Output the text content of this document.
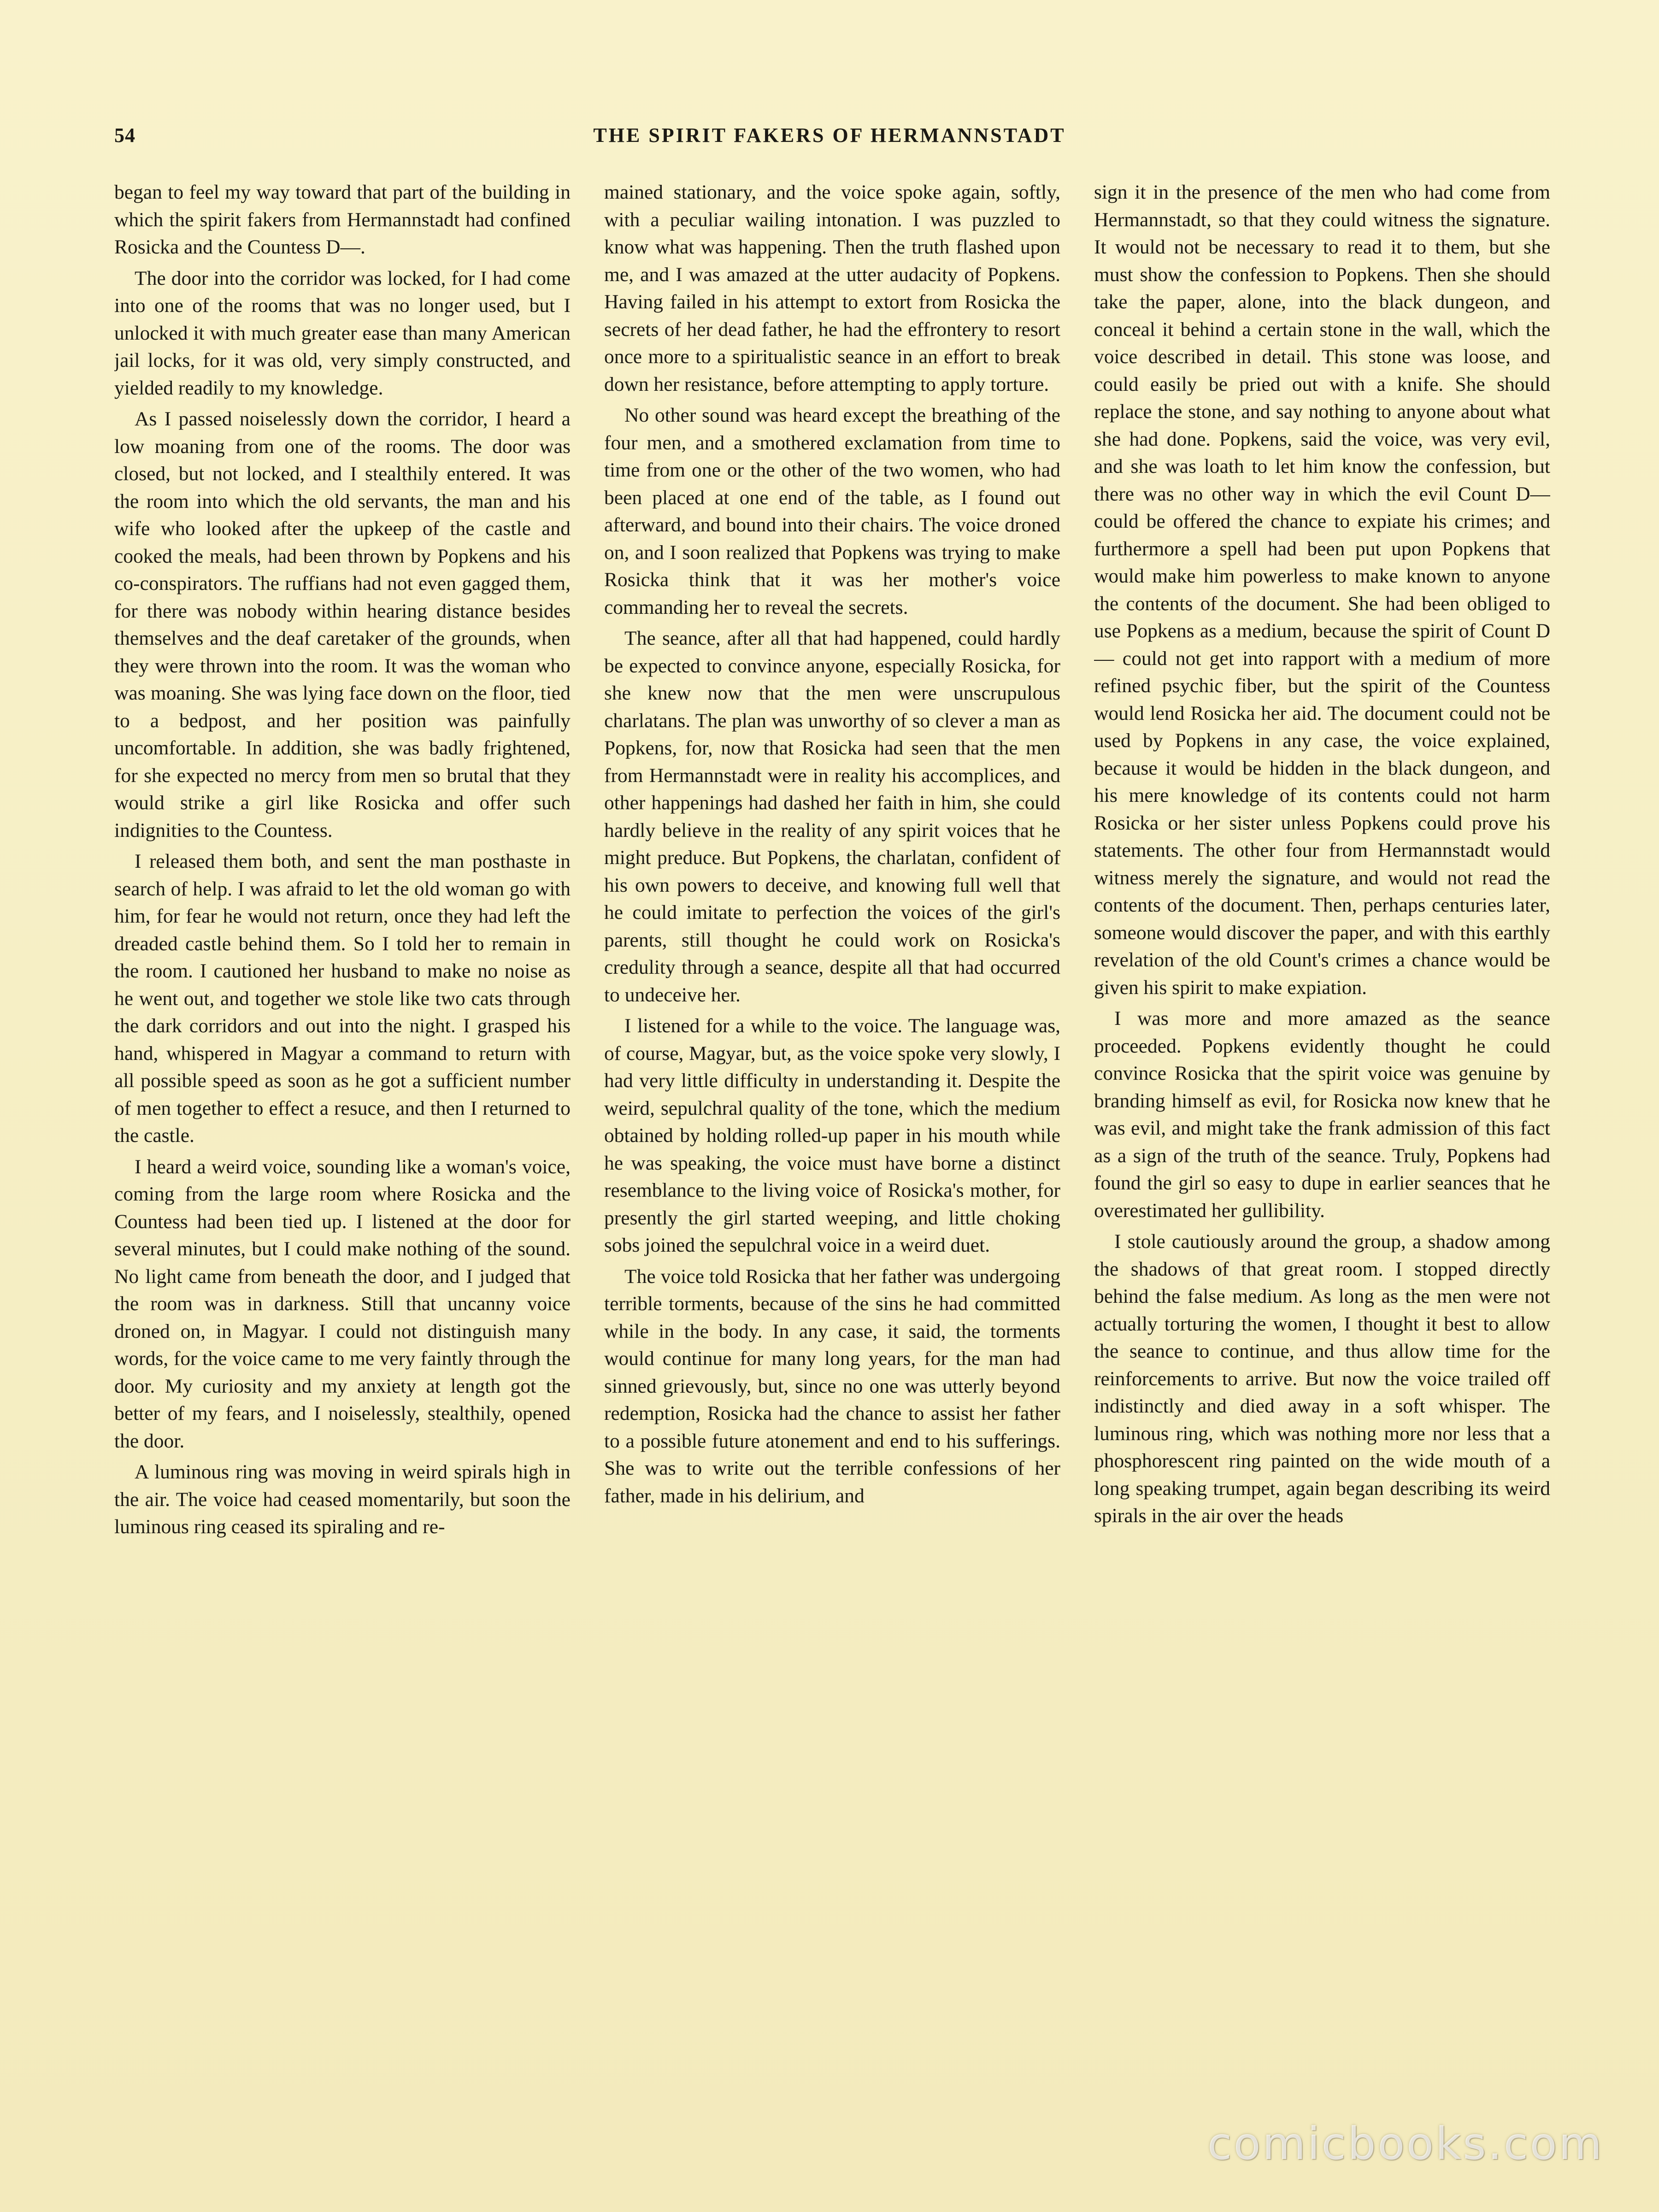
54	THE SPIRIT FAKERS OF HERMANNSTADT

began to feel my way toward that part of the building in which the spirit fakers from Hermannstadt had confined Rosicka and the Countess D—.

The door into the corridor was locked, for I had come into one of the rooms that was no longer used, but I unlocked it with much greater ease than many American jail locks, for it was old, very simply constructed, and yielded readily to my knowledge.

As I passed noiselessly down the corridor, I heard a low moaning from one of the rooms. The door was closed, but not locked, and I stealthily entered. It was the room into which the old servants, the man and his wife who looked after the upkeep of the castle and cooked the meals, had been thrown by Popkens and his co-conspirators. The ruffians had not even gagged them, for there was nobody within hearing distance besides themselves and the deaf caretaker of the grounds, when they were thrown into the room. It was the woman who was moaning. She was lying face down on the floor, tied to a bedpost, and her position was painfully uncomfortable. In addition, she was badly frightened, for she expected no mercy from men so brutal that they would strike a girl like Rosicka and offer such indignities to the Countess.

I released them both, and sent the man posthaste in search of help. I was afraid to let the old woman go with him, for fear he would not return, once they had left the dreaded castle behind them. So I told her to remain in the room. I cautioned her husband to make no noise as he went out, and together we stole like two cats through the dark corridors and out into the night. I grasped his hand, whispered in Magyar a command to return with all possible speed as soon as he got a sufficient number of men together to effect a resuce, and then I returned to the castle.

I heard a weird voice, sounding like a woman's voice, coming from the large room where Rosicka and the Countess had been tied up. I listened at the door for several minutes, but I could make nothing of the sound. No light came from beneath the door, and I judged that the room was in darkness. Still that uncanny voice droned on, in Magyar. I could not distinguish many words, for the voice came to me very faintly through the door. My curiosity and my anxiety at length got the better of my fears, and I noiselessly, stealthily, opened the door.

A luminous ring was moving in weird spirals high in the air. The voice had ceased momentarily, but soon the luminous ring ceased its spiraling and re-

mained stationary, and the voice spoke again, softly, with a peculiar wailing intonation. I was puzzled to know what was happening. Then the truth flashed upon me, and I was amazed at the utter audacity of Popkens. Having failed in his attempt to extort from Rosicka the secrets of her dead father, he had the effrontery to resort once more to a spiritualistic seance in an effort to break down her resistance, before attempting to apply torture.

No other sound was heard except the breathing of the four men, and a smothered exclamation from time to time from one or the other of the two women, who had been placed at one end of the table, as I found out afterward, and bound into their chairs. The voice droned on, and I soon realized that Popkens was trying to make Rosicka think that it was her mother's voice commanding her to reveal the secrets.

The seance, after all that had happened, could hardly be expected to convince anyone, especially Rosicka, for she knew now that the men were unscrupulous charlatans. The plan was unworthy of so clever a man as Popkens, for, now that Rosicka had seen that the men from Hermannstadt were in reality his accomplices, and other happenings had dashed her faith in him, she could hardly believe in the reality of any spirit voices that he might preduce. But Popkens, the charlatan, confident of his own powers to deceive, and knowing full well that he could imitate to perfection the voices of the girl's parents, still thought he could work on Rosicka's credulity through a seance, despite all that had occurred to undeceive her.

I listened for a while to the voice. The language was, of course, Magyar, but, as the voice spoke very slowly, I had very little difficulty in understanding it. Despite the weird, sepulchral quality of the tone, which the medium obtained by holding rolled-up paper in his mouth while he was speaking, the voice must have borne a distinct resemblance to the living voice of Rosicka's mother, for presently the girl started weeping, and little choking sobs joined the sepulchral voice in a weird duet.

The voice told Rosicka that her father was undergoing terrible torments, because of the sins he had committed while in the body. In any case, it said, the torments would continue for many long years, for the man had sinned grievously, but, since no one was utterly beyond redemption, Rosicka had the chance to assist her father to a possible future atonement and end to his sufferings. She was to write out the terrible confessions of her father, made in his delirium, and

sign it in the presence of the men who had come from Hermannstadt, so that they could witness the signature. It would not be necessary to read it to them, but she must show the confession to Popkens. Then she should take the paper, alone, into the black dungeon, and conceal it behind a certain stone in the wall, which the voice described in detail. This stone was loose, and could easily be pried out with a knife. She should replace the stone, and say nothing to anyone about what she had done. Popkens, said the voice, was very evil, and she was loath to let him know the confession, but there was no other way in which the evil Count D— could be offered the chance to expiate his crimes; and furthermore a spell had been put upon Popkens that would make him powerless to make known to anyone the contents of the document. She had been obliged to use Popkens as a medium, because the spirit of Count D— could not get into rapport with a medium of more refined psychic fiber, but the spirit of the Countess would lend Rosicka her aid. The document could not be used by Popkens in any case, the voice explained, because it would be hidden in the black dungeon, and his mere knowledge of its contents could not harm Rosicka or her sister unless Popkens could prove his statements. The other four from Hermannstadt would witness merely the signature, and would not read the contents of the document. Then, perhaps centuries later, someone would discover the paper, and with this earthly revelation of the old Count's crimes a chance would be given his spirit to make expiation.

I was more and more amazed as the seance proceeded. Popkens evidently thought he could convince Rosicka that the spirit voice was genuine by branding himself as evil, for Rosicka now knew that he was evil, and might take the frank admission of this fact as a sign of the truth of the seance. Truly, Popkens had found the girl so easy to dupe in earlier seances that he overestimated her gullibility.

I stole cautiously around the group, a shadow among the shadows of that great room. I stopped directly behind the false medium. As long as the men were not actually torturing the women, I thought it best to allow the seance to continue, and thus allow time for the reinforcements to arrive. But now the voice trailed off indistinctly and died away in a soft whisper. The luminous ring, which was nothing more nor less that a phosphorescent ring painted on the wide mouth of a long speaking trumpet, again began describing its weird spirals in the air over the heads

comicbooks.com
